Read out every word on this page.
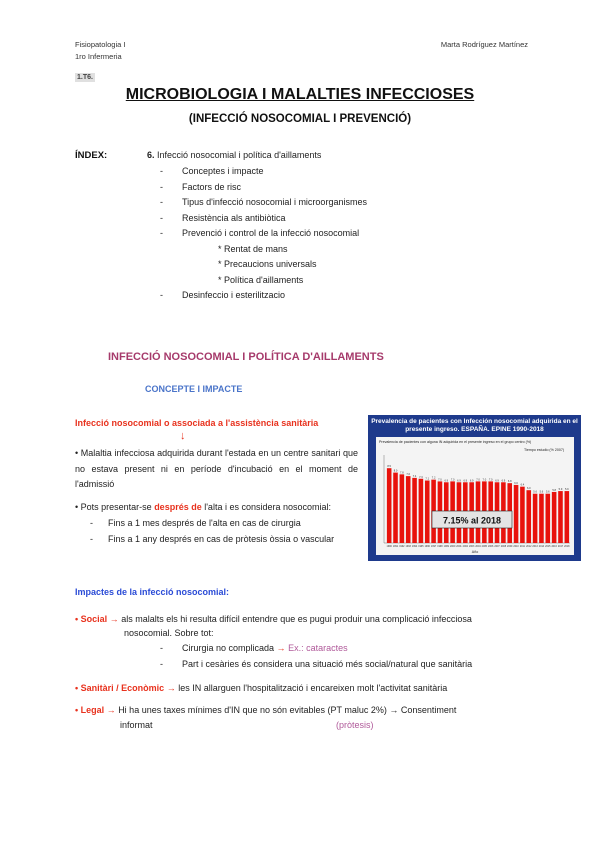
Fisiopatologia I
1ro Infermeria
Marta Rodríguez Martínez
1.T6.
MICROBIOLOGIA I MALALTIES INFECCIOSES
(INFECCIÓ NOSOCOMIAL I PREVENCIÓ)
ÍNDEX:	6. Infecció nosocomial i política d'aillaments
- Conceptes i impacte
- Factors de risc
- Tipus d'infecció nosocomial i microorganismes
- Resistència als antibiòtica
- Prevenció i control de la infecció nosocomial
* Rentat de mans
* Precaucions universals
* Política d'aillaments
- Desinfeccio i esterilitzacio
INFECCIÓ NOSOCOMIAL I POLÍTICA D'AILLAMENTS
CONCEPTE I IMPACTE
Infecció nosocomial o associada a l'assistència sanitària
↓
• Malaltia infecciosa adquirida durant l'estada en un centre sanitari que no estava present ni en període d'incubació en el moment de l'admissió
• Pots presentar-se després de l'alta i es considera nosocomial:
- Fins a 1 mes després de l'alta en cas de cirurgia
- Fins a 1 any després en cas de pròtesis òssia o vascular
Prevalencia de pacientes con Infección nosocomial adquirida en el presente ingreso. ESPAÑA. EPINE 1990-2018
Prevalencia de pacientes con alguna IN adquirida en el presente ingreso en el grupo centro (%)
Tiempo estudio (% 2007)
8.5
1990
8.0
1991
7.8
1992
7.6
1993
7.4
1994
7.3
1995
7.1
1996
7.2
1997
7.0
1998
6.9
1999
7.0
2000
6.9
2001
6.9
2002
6.9
2003
7.0
2004
7.0
2005
7.0
2006
6.9
2007
6.9
2008
6.8
2009
6.6
2010
6.4
2011
6.0
2012
5.6
2013
5.6
2014
5.6
2015
5.8
2016
5.9
2017
5.9
2018
7.15% al 2018
Año
Impactes de la infecció nosocomial:
• Social → als malalts els hi resulta difícil entendre que es pugui produir una complicació infecciosa
nosocomial. Sobre tot:
- Cirurgia no complicada → Ex.: cataractes
- Part i cesàries és considera una situació més social/natural que sanitària
• Sanitàri / Econòmic → les IN allarguen l'hospitalització i encareixen molt l'activitat sanitària
• Legal → Hi ha unes taxes mínimes d'IN que no són evitables (PT maluc 2%) → Consentiment
informat	(pròtesis)
